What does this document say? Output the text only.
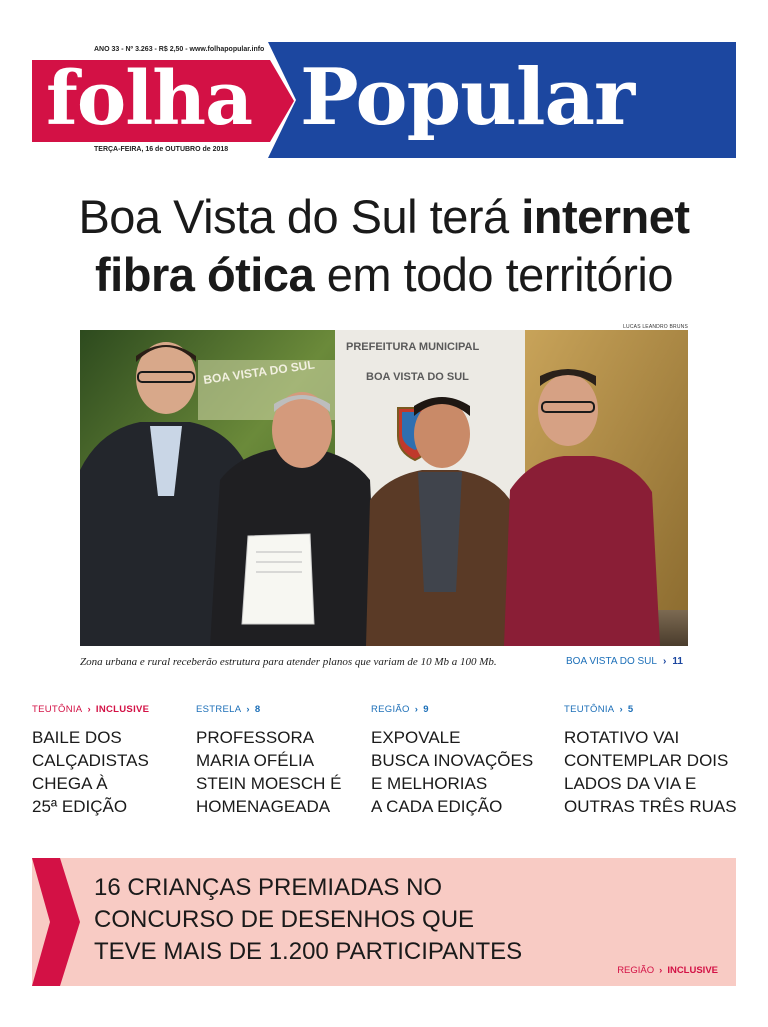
ANO 33 - Nº 3.263 - R$ 2,50 - www.folhapopular.info
folha Popular
TERÇA-FEIRA, 16 de OUTUBRO de 2018
Boa Vista do Sul terá internet
fibra ótica em todo território
LUCAS LEANDRO BRUNS
PREFEITURA MUNICIPAL
BOA VISTA DO SUL
BOA VISTA DO SUL
Zona urbana e rural receberão estrutura para atender planos que variam de 10 Mb a 100 Mb.	BOA VISTA DO SUL › 11
TEUTÔNIA › INCLUSIVE
BAILE DOS
CALÇADISTAS
CHEGA À
25ª EDIÇÃO
ESTRELA › 8
PROFESSORA
MARIA OFÉLIA
STEIN MOESCH É
HOMENAGEADA
REGIÃO › 9
EXPOVALE
BUSCA INOVAÇÕES
E MELHORIAS
A CADA EDIÇÃO
TEUTÔNIA › 5
ROTATIVO VAI
CONTEMPLAR DOIS
LADOS DA VIA E
OUTRAS TRÊS RUAS
16 CRIANÇAS PREMIADAS NO
CONCURSO DE DESENHOS QUE
TEVE MAIS DE 1.200 PARTICIPANTES
REGIÃO › INCLUSIVE
